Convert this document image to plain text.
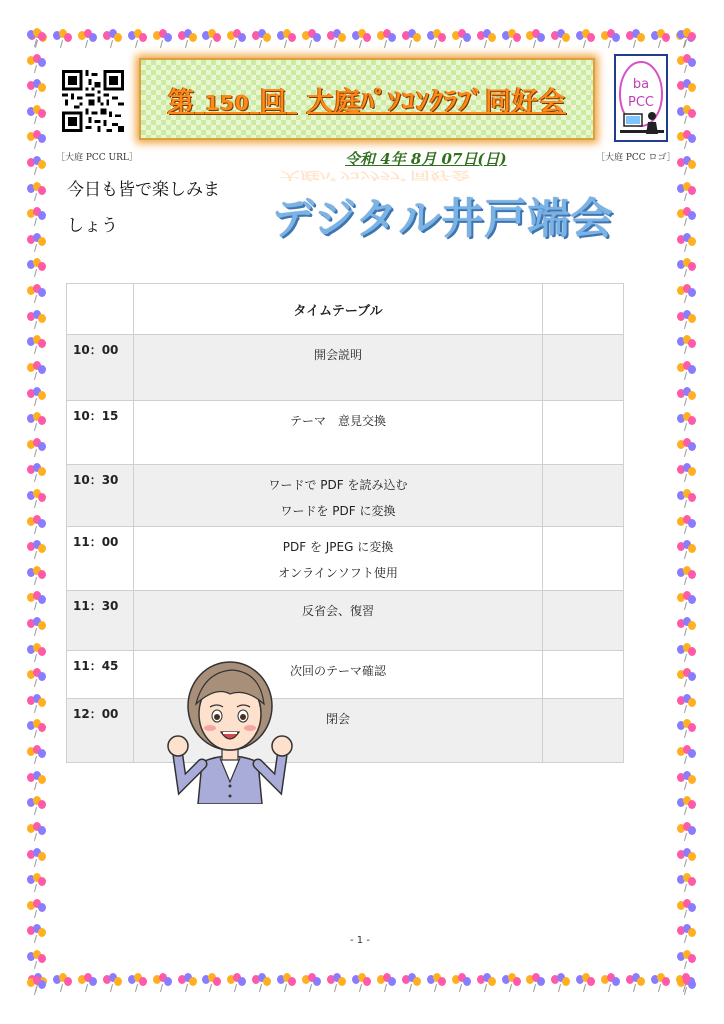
［大庭 PCC URL］
第 150 回 大庭ﾊﾟｿｺﾝｸﾗﾌﾞ同好会
大庭ﾊﾟｿｺﾝｸﾗﾌﾞ同好会
令和 4年 8月 07日(日)
ba
PCC
［大庭 PCC ロゴ］
今日も皆で楽しみま
しょう	デジタル井戸端会
	タイムテーブル	
10：00	開会説明	

10：15	テーマ　意見交換	

10：30	ワードで PDF を読み込む
ワードを PDF に変換	

11：00	PDF を JPEG に変換
オンラインソフト使用	

11：30	反省会、復習	

11：45	次回のテーマ確認	

12：00	閉会	

- 1 -
